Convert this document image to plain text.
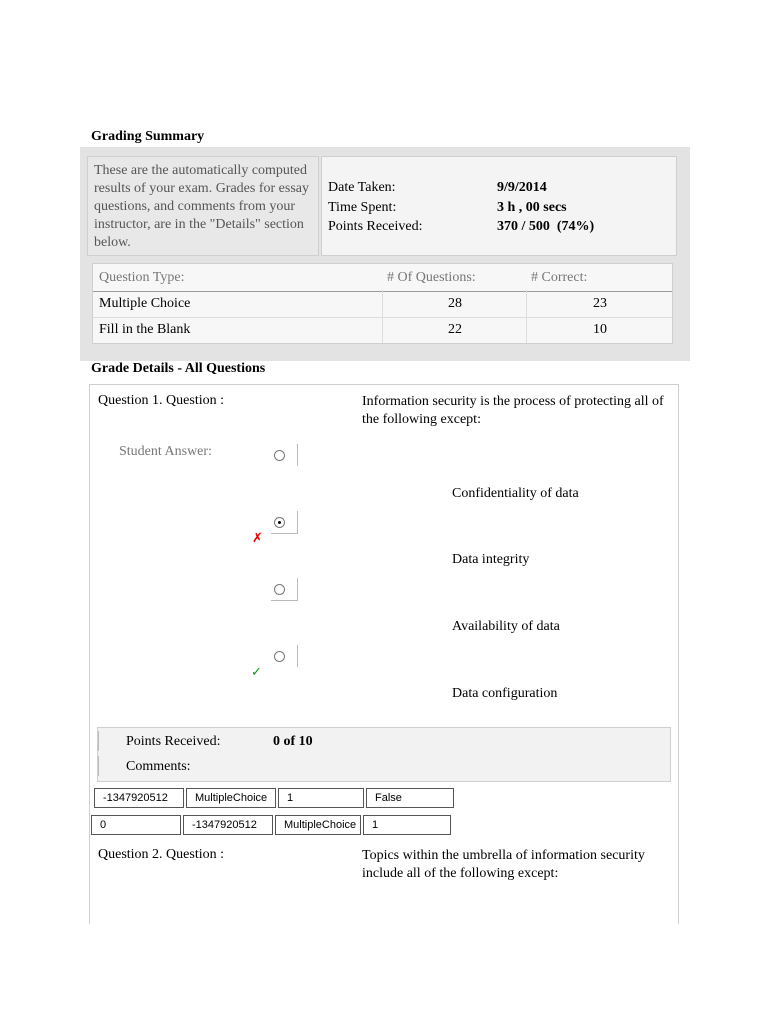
Grading Summary
These are the automatically computed results of your exam. Grades for essay questions, and comments from your instructor, are in the "Details" section below.
Date Taken:	9/9/2014
Time Spent:	3 h , 00 secs
Points Received:	370 / 500  (74%)
Question Type:	# Of Questions:	# Correct:
Multiple Choice	28	23
Fill in the Blank	22	10
Grade Details - All Questions
Question 1. Question :	Information security is the process of protecting all of the following except:
Student Answer:
Confidentiality of data
✗
Data integrity
Availability of data
✓
Data configuration
Points Received:	0 of 10
Comments:
-1347920512	MultipleChoice	1	False
0	-1347920512	MultipleChoice	1
Question 2. Question :	Topics within the umbrella of information security include all of the following except:
